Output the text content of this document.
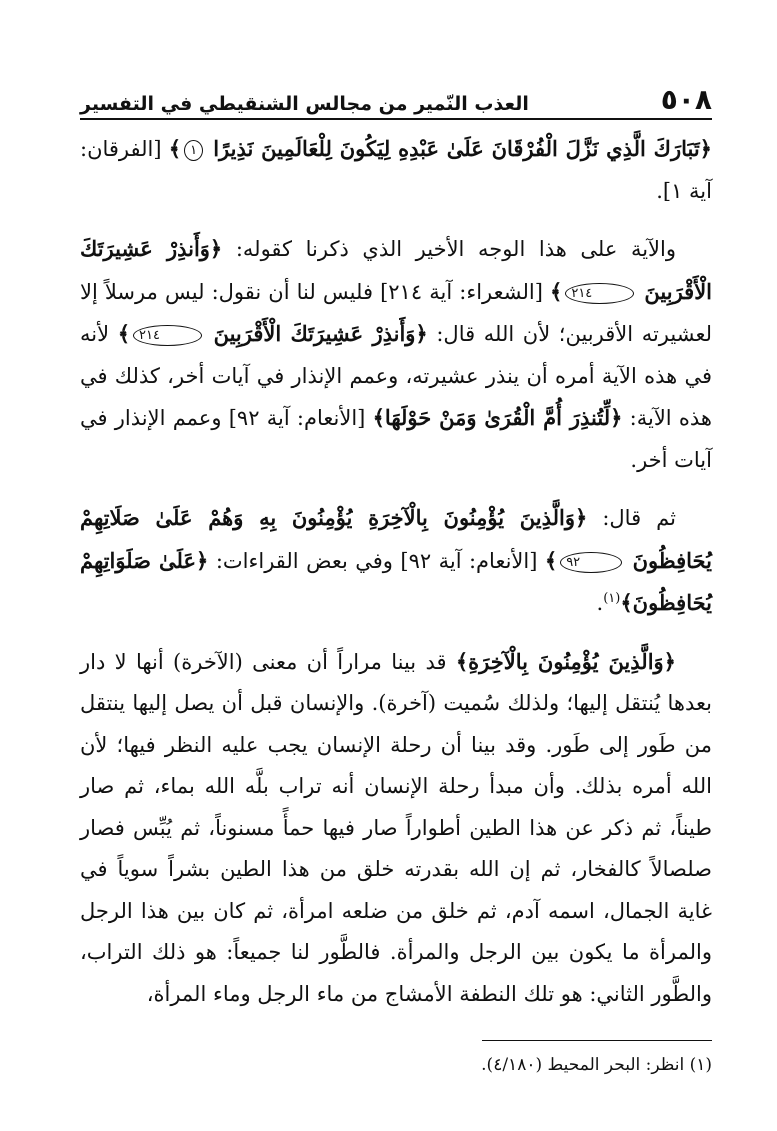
٥٠٨
العذب النّمير من مجالس الشنقيطي في التفسير

﴿تَبَارَكَ الَّذِي نَزَّلَ الْفُرْقَانَ عَلَىٰ عَبْدِهِ لِيَكُونَ لِلْعَالَمِينَ نَذِيرًا ١﴾ [الفرقان: آية ١].

والآية على هذا الوجه الأخير الذي ذكرنا كقوله: ﴿وَأَنذِرْ عَشِيرَتَكَ الْأَقْرَبِينَ ٢١٤﴾ [الشعراء: آية ٢١٤] فليس لنا أن نقول: ليس مرسلاً إلا لعشيرته الأقربين؛ لأن الله قال: ﴿وَأَنذِرْ عَشِيرَتَكَ الْأَقْرَبِينَ ٢١٤﴾ لأنه في هذه الآية أمره أن ينذر عشيرته، وعمم الإنذار في آيات أخر، كذلك في هذه الآية: ﴿لِّتُنذِرَ أُمَّ الْقُرَىٰ وَمَنْ حَوْلَهَا﴾ [الأنعام: آية ٩٢] وعمم الإنذار في آيات أخر.

ثم قال: ﴿وَالَّذِينَ يُؤْمِنُونَ بِالْآخِرَةِ يُؤْمِنُونَ بِهِ وَهُمْ عَلَىٰ صَلَاتِهِمْ يُحَافِظُونَ ٩٢﴾ [الأنعام: آية ٩٢] وفي بعض القراءات: ﴿عَلَىٰ صَلَوَاتِهِمْ يُحَافِظُونَ﴾$^{(١)}$.

﴿وَالَّذِينَ يُؤْمِنُونَ بِالْآخِرَةِ﴾ قد بينا مراراً أن معنى (الآخرة) أنها لا دار بعدها يُنتقل إليها؛ ولذلك سُميت (آخرة). والإنسان قبل أن يصل إليها ينتقل من طَور إلى طَور. وقد بينا أن رحلة الإنسان يجب عليه النظر فيها؛ لأن الله أمره بذلك. وأن مبدأ رحلة الإنسان أنه تراب بلَّه الله بماء، ثم صار طيناً، ثم ذكر عن هذا الطين أطواراً صار فيها حمأً مسنوناً، ثم يُبِّس فصار صلصالاً كالفخار، ثم إن الله بقدرته خلق من هذا الطين بشراً سوياً في غاية الجمال، اسمه آدم، ثم خلق من ضلعه امرأة، ثم كان بين هذا الرجل والمرأة ما يكون بين الرجل والمرأة. فالطَّور لنا جميعاً: هو ذلك التراب، والطَّور الثاني: هو تلك النطفة الأمشاج من ماء الرجل وماء المرأة،

(١) انظر: البحر المحيط (٤/١٨٠).
